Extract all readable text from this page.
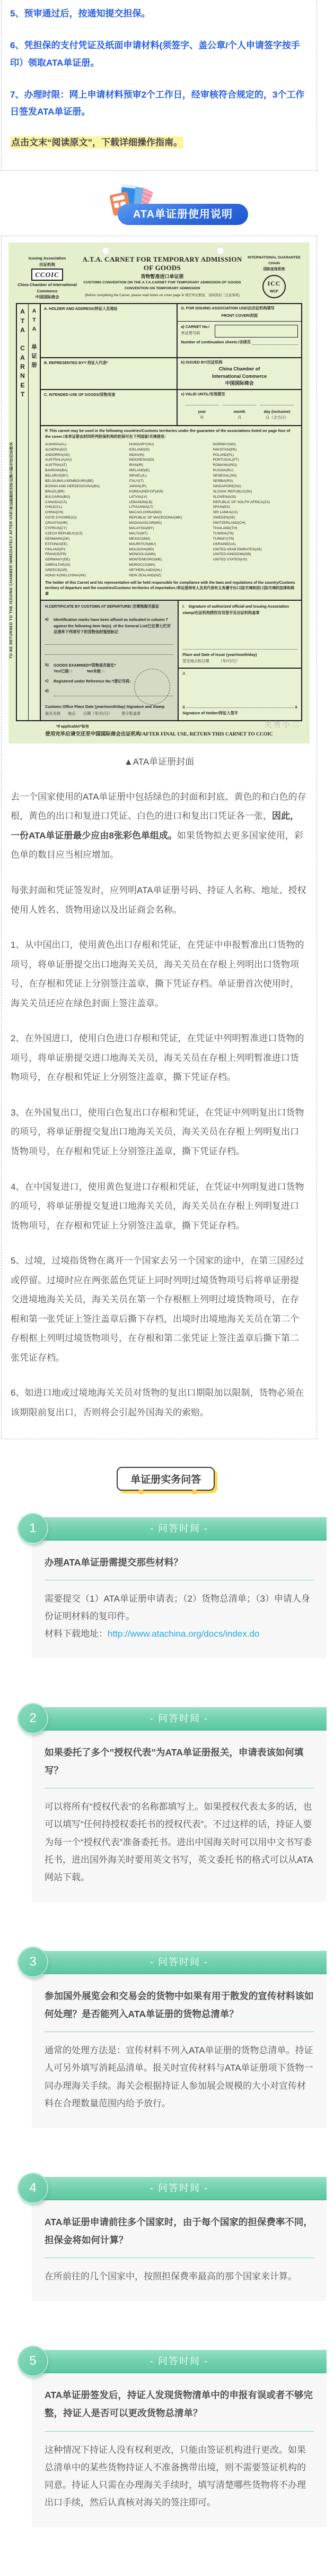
5、预审通过后，按通知提交担保。

6、凭担保的支付凭证及纸面申请材料(须签字、盖公章/个人申请签字按手印）领取ATA单证册。

7、办理时限：网上申请材料预审2个工作日，经审核符合规定的，3个工作日签发ATA单证册。

点击文末“阅读原文”，下载详细操作指南。

ATA单证册使用说明
Issuing Association
出证机构
CCOIC
China Chamber of International Commerce
中国国际商会
A.T.A. CARNET FOR TEMPORARY ADMISSION OF GOODS
货物暂准进口单证册
CUSTOMS CONVENTION ON THE A.T.A.CARNET FOR TEMPORARY ADMISSION OF GOODS
CONVENTION ON TEMPORARY ADMISSION
(Before completing the Carnet, please read Notes on cover page 3/ 填写单证册前，请阅读封三注意事项)
INTERNATIONAL GUARANTEE CHAIN
国际连保系统
ICC
WCF
A
T
A
C
A
R
N
E
T
A
T
A
单
证
册
A. HOLDER AND ADDRESS/持证人及地址	G. FOR ISSUING ASSOCIATION USE/由出证机构填写
FRONT COVER/封面
a) CARNET No./
单证册号码
Number of continuation sheets:/含续页
B. REPRESENTED BY*/ 持证人代表*	b) ISSUED BY/出证机构
China Chamber of
International Commerce
中国国际商会
C. INTENDED USE OF GOODS/货物用途	c) VALID UNTIL/有效期至
year
年
month
月
day (inclusive)
日（含当日）
P. This carnet may be used in the following countries/Customs territories under the guarantee of the associations listed on page four of the cover:/本单证册由封四所列担保机构的担保可在下列国家/关境使用：
ALBANIA(AL)
ALGERIA(DZ)
ANDORRA(AD)
AUSTRALIA(AU)
AUSTRIA(AT)
BAHRAIN(BA)
BELARUS(BY)
BELGIUM/LUXEMBOURG(BE)
BOSNIA AND HERZEGOVINA(BA)
BRAZIL(BR)
BULGARIA(BG)
CANADA(CA)
CHILE(CL)
CHINA(CN)
COTE D'IVOIRE(CI)
CROATIA(HR)
CYPRUS(CY)
CZECH REPUBLIC(CZ)
DENMARK(DK)
ESTONIA(EE)
FINLAND(FI)
FRANCE(FR)
GERMANY(DE)
GIBRALTAR(GI)
GREECE(GR)
HONG KONG,CHINA(HK)
HUNGARY(HU)
ICELAND(IS)
INDIA(IN)
INDONESIA(ID)
IRAN(IR)
IRELAND(IE)
ISRAEL(IL)
ITALY(IT)
JAPAN(JP)
KOREA(REP.OF)(KR)
LATVIA(LV)
LEBANON(LB)
LITHUANIA(LT)
MACAO,CHINA(MO)
REPUBLIC OF MACEDONIA(MK)
MADAGASCAR(MG)
MALAYSIA(MY)
MALTA(MT)
MEXICO(MX)
MAURITIUS(MU)
MOLDOVA(MD)
MONGOLIA(MN)
MONTENEGRO(ME)
MOROCCO(MA)
NETHERLANDS(NL)
NEW ZEALAND(NZ)
NORWAY(NO)
PAKISTAN(PK)
POLAND(PL)
PORTUGAL(PT)
ROMANIA(RO)
RUSSIA(RU)
SENEGAL(SN)
SERBIA(RS)
SINGAPORE(SG)
SLOVAK REPUBLIC(SK)
SLOVENIA(SI)
REPUBLIC OF SOUTH AFRICA(ZA)
SPAIN(ES)
SRI LANKA(LK)
SWEDEN(SE)
SWITZERLAND(CH)
THAILAND(TH)
TUNISIA(TN)
TURKEY(TR)
UKRAINE(UA)
UNITED ARAB EMIRATES(AE)
UNITED KINGDOM(GB)
UNITED STATES(US)
The holder of this Carnet and his representative will be held responsible for compliance with the laws and regulations of the country/Customs territory of departure and the countries/Customs territories of importation./单证册持有人及其代表有义务遵守出口国/关境和进口国/关境的法律和规章
H.CERTIFICATE BY CUSTOMS AT DEPARTURE/ 出境地海关验证
a)	Identification marks have been affixed as indicated in column 7 against the following item No(s). of the General List/已在第七栏对总清单下列项号下的货物加封鉴别标记
b)	GOODS EXAMINED*/货物是否验讫*
Yes/已验 □	No/未验 □
c)	Registered under Reference No.*/登记号码：
d)
Customs Office Place Date (year/month/day) Signature and Stamp
海关关别　　地点　　日期（年/月/日）　　　签字和盖章
I.　Signature of authorized official and Issuing Association stamp/出证机构授权官员签字及出证机构盖章
Place and Date of Issue (year/month/day)
签发地点和日期　　　（年/月/日）
J.
X	X
Signature of Holder/持证人签字
*If applicable/*如有
使用完毕后请交还至中国国际商会出证机构/AFTER FINAL USE, RETURN THIS CARNET TO CCOIC
关务小二
TO BE RETURNED TO THE ISSUING CHAMBER IMMEDIATELY AFTER USE/单证册使用完毕后请立即交还出证商会
▲ATA单证册封面

去一个国家使用的ATA单证册中包括绿色的封面和封底、黄色的和白色的存根，黄色的出口和复进口凭证、白色的进口和复出口凭证各一张，因此，一份ATA单证册最少应由8张彩色单组成。如果货物拟去更多国家使用，彩色单的数目应当相应增加。

每张封面和凭证签发时，应列明ATA单证册号码、持证人名称、地址、授权使用人姓名、货物用途以及出证商会名称。

1、从中国出口，使用黄色出口存根和凭证，在凭证中申报暂准出口货物的项号，将单证册提交出口地海关关员，海关关员在存根上列明出口货物项号，在存根和凭证上分别签注盖章，撕下凭证存档。单证册首次使用时，海关关员还应在绿色封面上签注盖章。

2、在外国进口，使用白色进口存根和凭证，在凭证中列明暂准进口货物的项号，将单证册提交进口地海关关员，海关关员在存根上列明暂准进口货物项号，在存根和凭证上分别签注盖章，撕下凭证存档。

3、在外国复出口，使用白色复出口存根和凭证，在凭证中列明复出口货物的项号，将单证册提交复出口地海关关员，海关关员在存根上列明复出口货物项号，在存根和凭证上分别签注盖章，撕下凭证存档。

4、在中国复进口，使用黄色复进口存根和凭证，在凭证中列明复进口货物的项号，将单证册提交复进口地海关关员，海关关员在存根上列明复进口货物项号，在存根和凭证上分别签注盖章，撕下凭证存档。

5、过境，过境指货物在离开一个国家去另一个国家的途中，在第三国经过或停留。过境时应在两张蓝色凭证上同时列明过境货物项号后将单证册提交进境地海关关员，海关关员在第一个存根框上列明过境货物项号，在存根和第一张凭证上签注盖章后撕下存档，出境时出境地海关关员在第二个存根框上列明过境货物项号，在存根和第二张凭证上签注盖章后撕下第二张凭证存档。

6、如进口地或过境地海关关员对货物的复出口期限加以限制，货物必须在该期限前复出口，否则将会引起外国海关的索赔。

单证册实务问答

1	- 问答时间 -

办理ATA单证册需提交那些材料？

需要提交（1）ATA单证册申请表；（2）货物总清单；（3）申请人身份证明材料的复印件。

材料下载地址：http://www.atachina.org/docs/index.do

2	- 问答时间 -

如果委托了多个”授权代表”为ATA单证册报关，申请表该如何填写？

可以将所有“授权代表”的名称都填写上。如果授权代表太多的话，也可以填写“任何持授权委托书的授权代表”。不过这样的话，持证人要为每一个“授权代表”准备委托书。进出中国海关时可以用中文书写委托书，进出国外海关时要用英文书写，英文委托书的格式可以从ATA网站下载。

3	- 问答时间 -

参加国外展览会和交易会的货物中如果有用于散发的宣传材料该如何处理？是否能列入ATA单证册的货物总清单？

通常的处理方法是：宣传材料不列入ATA单证册的货物总清单。持证人可另外填写消耗品清单。报关时宣传材料与ATA单证册项下货物一同办理海关手续。海关会根据持证人参加展会规模的大小对宣传材料在合理数量范围内给予放行。

4	- 问答时间 -

ATA单证册申请前往多个国家时，由于每个国家的担保费率不同，担保金将如何计算？

在所前往的几个国家中，按照担保费率最高的那个国家来计算。

5	- 问答时间 -

ATA单证册签发后，持证人发现货物清单中的申报有误或者不够完整，持证人是否可以更改货物总清单？

这种情况下持证人没有权利更改，只能由签证机构进行更改。如果总清单中的某些货物持证人不准备携带出境，则不需要签证机构的同意。持证人只需在办理海关手续时，填写清楚哪些货物将不办理出口手续，然后认真核对海关的签注即可。
